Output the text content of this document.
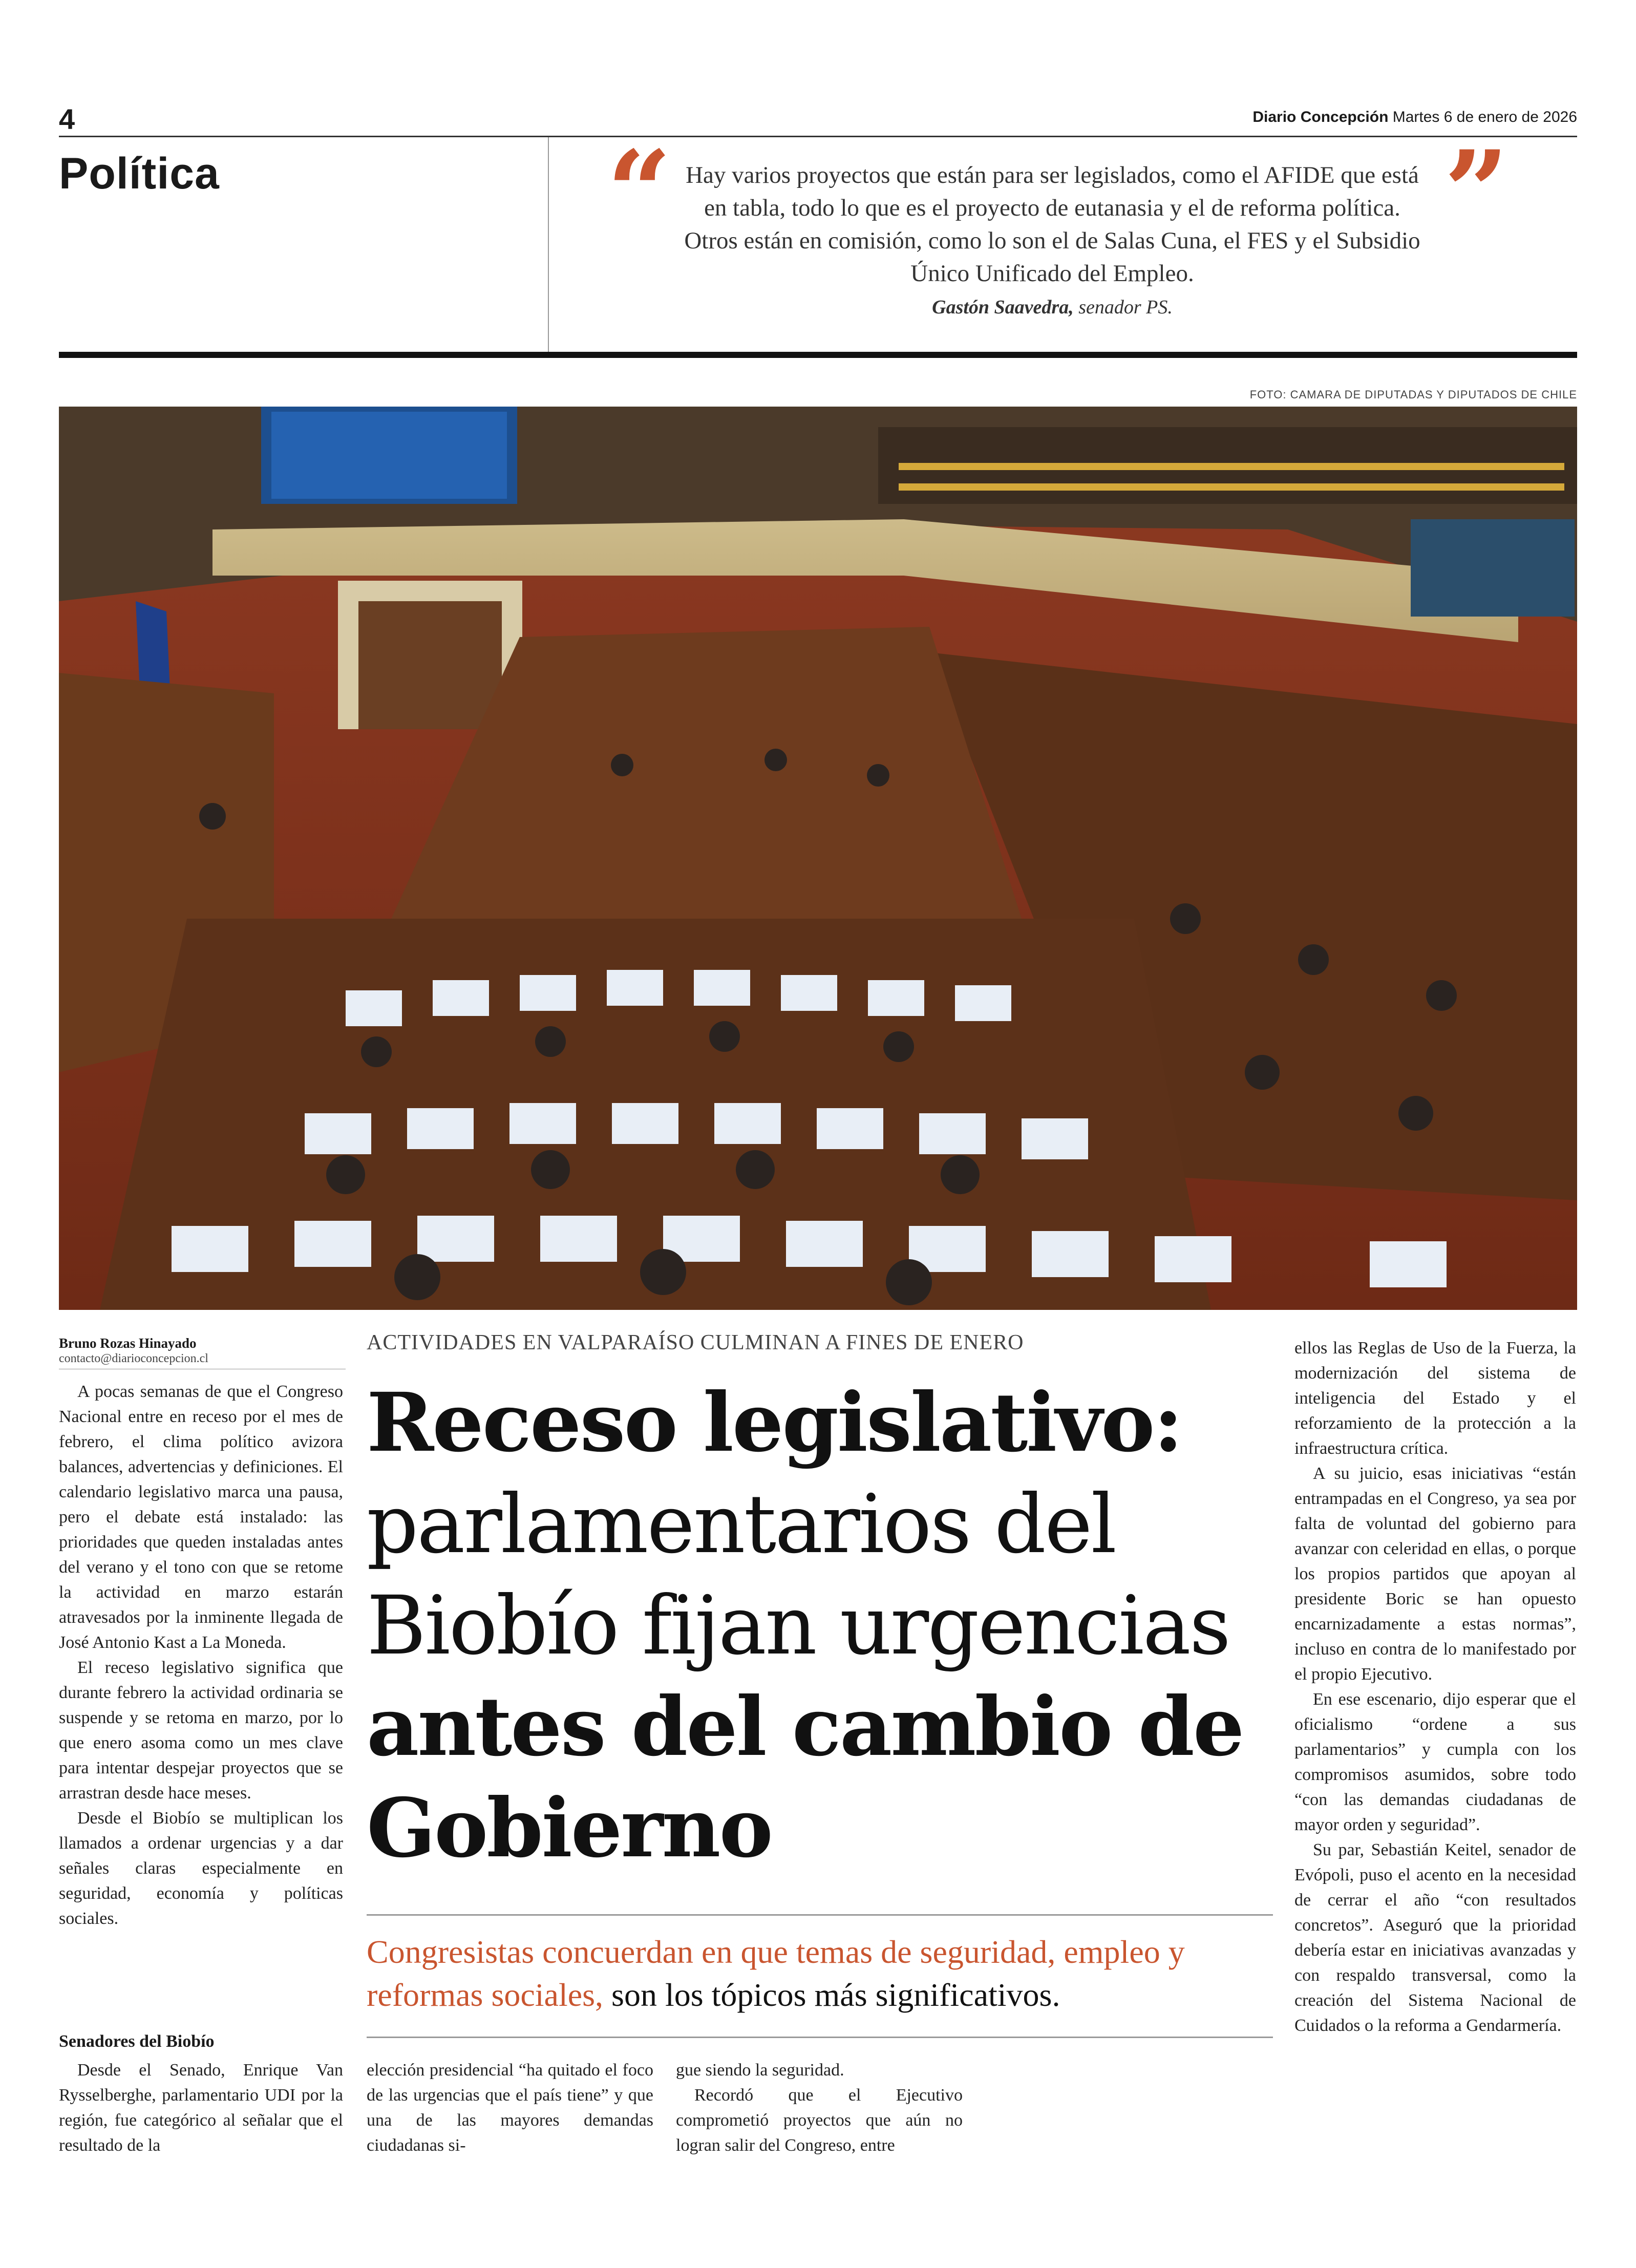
4	Diario Concepción Martes 6 de enero de 2026
Política	“ Hay varios proyectos que están para ser legislados, como el AFIDE que está en tabla, todo lo que es el proyecto de eutanasia y el de reforma política. Otros están en comisión, como lo son el de Salas Cuna, el FES y el Subsidio Único Unificado del Empleo.
”
Gastón Saavedra, senador PS.
FOTO: CAMARA DE DIPUTADAS Y DIPUTADOS DE CHILE
Bruno Rozas Hinayado
contacto@diarioconcepcion.cl

A pocas semanas de que el Congreso Nacional entre en receso por el mes de febrero, el clima político avizora balances, advertencias y definiciones. El calendario legislativo marca una pausa, pero el debate está instalado: las prioridades que queden instaladas antes del verano y el tono con que se retome la actividad en marzo estarán atravesados por la inminente llegada de José Antonio Kast a La Moneda.

El receso legislativo significa que durante febrero la actividad ordinaria se suspende y se retoma en marzo, por lo que enero asoma como un mes clave para intentar despejar proyectos que se arrastran desde hace meses.

Desde el Biobío se multiplican los llamados a ordenar urgencias y a dar señales claras especialmente en seguridad, economía y políticas sociales.

Senadores del Biobío

Desde el Senado, Enrique Van Rysselberghe, parlamentario UDI por la región, fue categórico al señalar que el resultado de la

ACTIVIDADES EN VALPARAÍSO CULMINAN A FINES DE ENERO
Receso legislativo: parlamentarios del Biobío fijan urgencias antes del cambio de Gobierno
Congresistas concuerdan en que temas de seguridad, empleo y reformas sociales, son los tópicos más significativos.

elección presidencial “ha quitado el foco de las urgencias que el país tiene” y que una de las mayores demandas ciudadanas si-

gue siendo la seguridad.

Recordó que el Ejecutivo comprometió proyectos que aún no logran salir del Congreso, entre

ellos las Reglas de Uso de la Fuerza, la modernización del sistema de inteligencia del Estado y el reforzamiento de la protección a la infraestructura crítica.

A su juicio, esas iniciativas “están entrampadas en el Congreso, ya sea por falta de voluntad del gobierno para avanzar con celeridad en ellas, o porque los propios partidos que apoyan al presidente Boric se han opuesto encarnizadamente a estas normas”, incluso en contra de lo manifestado por el propio Ejecutivo.

En ese escenario, dijo esperar que el oficialismo “ordene a sus parlamentarios” y cumpla con los compromisos asumidos, sobre todo “con las demandas ciudadanas de mayor orden y seguridad”.

Su par, Sebastián Keitel, senador de Evópoli, puso el acento en la necesidad de cerrar el año “con resultados concretos”. Aseguró que la prioridad debería estar en iniciativas avanzadas y con respaldo transversal, como la creación del Sistema Nacional de Cuidados o la reforma a Gendarmería.
